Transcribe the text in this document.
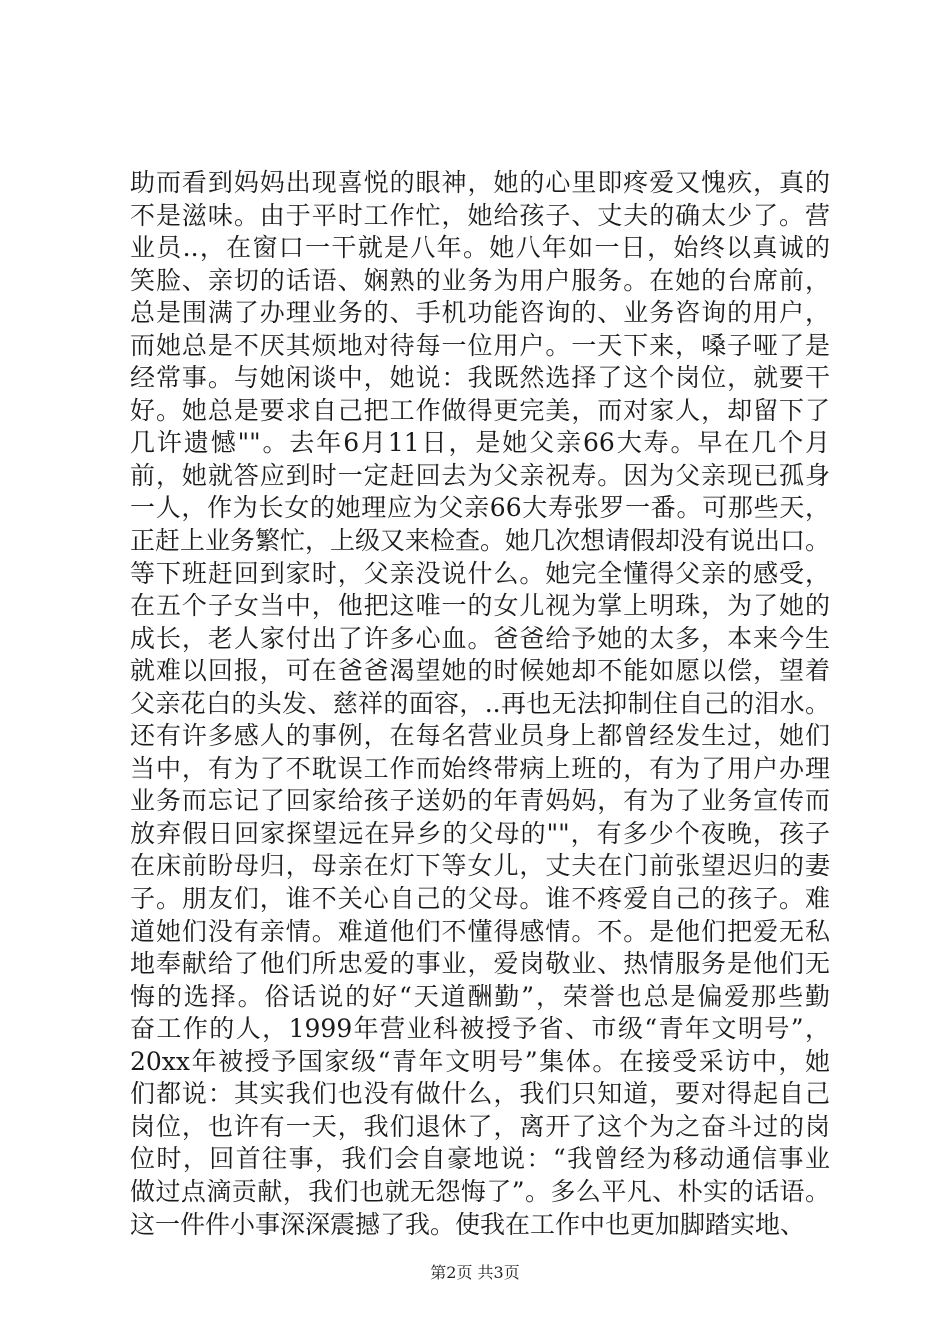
助而看到妈妈出现喜悦的眼神，她的心里即疼爱又愧疚，真的
不是滋味。由于平时工作忙，她给孩子、丈夫的确太少了。营
业员..，在窗口一干就是八年。她八年如一日，始终以真诚的
笑脸、亲切的话语、娴熟的业务为用户服务。在她的台席前，
总是围满了办理业务的、手机功能咨询的、业务咨询的用户，
而她总是不厌其烦地对待每一位用户。一天下来，嗓子哑了是
经常事。与她闲谈中，她说：我既然选择了这个岗位，就要干
好。她总是要求自己把工作做得更完美，而对家人，却留下了
几许遗憾""。去年6月11日，是她父亲66大寿。早在几个月
前，她就答应到时一定赶回去为父亲祝寿。因为父亲现已孤身
一人，作为长女的她理应为父亲66大寿张罗一番。可那些天，
正赶上业务繁忙，上级又来检查。她几次想请假却没有说出口。
等下班赶回到家时，父亲没说什么。她完全懂得父亲的感受，
在五个子女当中，他把这唯一的女儿视为掌上明珠，为了她的
成长，老人家付出了许多心血。爸爸给予她的太多，本来今生
就难以回报，可在爸爸渴望她的时候她却不能如愿以偿，望着
父亲花白的头发、慈祥的面容，..再也无法抑制住自己的泪水。
还有许多感人的事例，在每名营业员身上都曾经发生过，她们
当中，有为了不耽误工作而始终带病上班的，有为了用户办理
业务而忘记了回家给孩子送奶的年青妈妈，有为了业务宣传而
放弃假日回家探望远在异乡的父母的""，有多少个夜晚，孩子
在床前盼母归，母亲在灯下等女儿，丈夫在门前张望迟归的妻
子。朋友们，谁不关心自己的父母。谁不疼爱自己的孩子。难
道她们没有亲情。难道他们不懂得感情。不。是他们把爱无私
地奉献给了他们所忠爱的事业，爱岗敬业、热情服务是他们无
悔的选择。俗话说的好“天道酬勤”，荣誉也总是偏爱那些勤
奋工作的人，1999年营业科被授予省、市级“青年文明号”，
20xx年被授予国家级“青年文明号”集体。在接受采访中，她
们都说：其实我们也没有做什么，我们只知道，要对得起自己
岗位，也许有一天，我们退休了，离开了这个为之奋斗过的岗
位时，回首往事，我们会自豪地说：“我曾经为移动通信事业
做过点滴贡献，我们也就无怨悔了”。多么平凡、朴实的话语。
这一件件小事深深震撼了我。使我在工作中也更加脚踏实地、
第2页 共3页
